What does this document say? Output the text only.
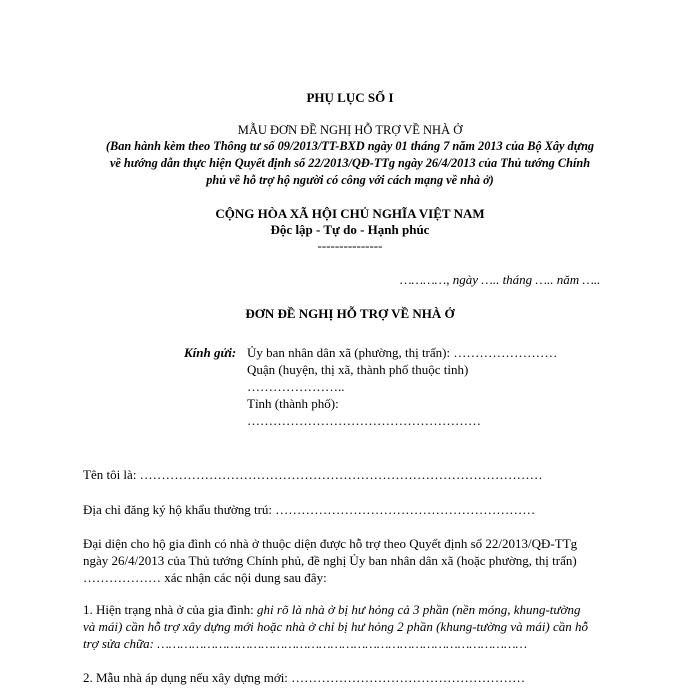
PHỤ LỤC SỐ I
MẪU ĐƠN ĐỀ NGHỊ HỖ TRỢ VỀ NHÀ Ở
(Ban hành kèm theo Thông tư số 09/2013/TT-BXD ngày 01 tháng 7 năm 2013 của Bộ Xây dựng
về hướng dẫn thực hiện Quyết định số 22/2013/QĐ-TTg ngày 26/4/2013 của Thủ tướng Chính
phủ về hỗ trợ hộ người có công với cách mạng về nhà ở)
CỘNG HÒA XÃ HỘI CHỦ NGHĨA VIỆT NAM
Độc lập - Tự do - Hạnh phúc
---------------
…………, ngày ….. tháng ….. năm …..
ĐƠN ĐỀ NGHỊ HỖ TRỢ VỀ NHÀ Ở
Kính gửi: Ủy ban nhân dân xã (phường, thị trấn): ……………………
Quận (huyện, thị xã, thành phố thuộc tỉnh)
…………………..
Tỉnh (thành phố):
………………………………………………
Tên tôi là: …………………………………………………………………………………
Địa chỉ đăng ký hộ khẩu thường trú: ……………………………………………………
Đại diện cho hộ gia đình có nhà ở thuộc diện được hỗ trợ theo Quyết định số 22/2013/QĐ-TTg
ngày 26/4/2013 của Thủ tướng Chính phủ, đề nghị Ủy ban nhân dân xã (hoặc phường, thị trấn)
……………… xác nhận các nội dung sau đây:
1. Hiện trạng nhà ở của gia đình: ghi rõ là nhà ở bị hư hỏng cả 3 phần (nền móng, khung-tường
và mái) cần hỗ trợ xây dựng mới hoặc nhà ở chỉ bị hư hỏng 2 phần (khung-tường và mái) cần hỗ
trợ sửa chữa: ……………………………………………………………………………………
2. Mẫu nhà áp dụng nếu xây dựng mới: ………………………………………………
